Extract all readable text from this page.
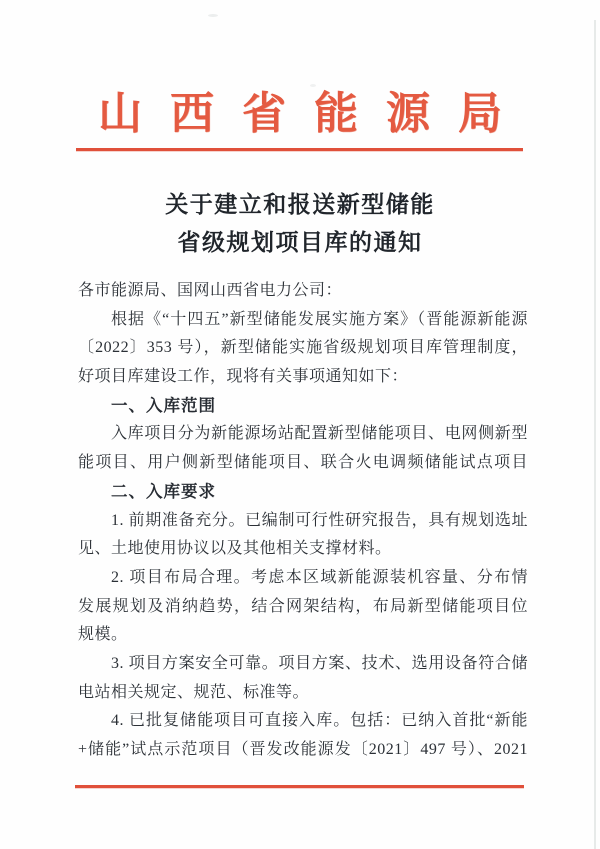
山西省能源局
关于建立和报送新型储能
省级规划项目库的通知
各市能源局、国网山西省电力公司：
根据《“十四五”新型储能发展实施方案》（晋能源新能源
〔2022〕353 号），新型储能实施省级规划项目库管理制度，
好项目库建设工作，现将有关事项通知如下：
一、入库范围
入库项目分为新能源场站配置新型储能项目、电网侧新型
能项目、用户侧新型储能项目、联合火电调频储能试点项目
二、入库要求
1. 前期准备充分。已编制可行性研究报告，具有规划选址
见、土地使用协议以及其他相关支撑材料。
2. 项目布局合理。考虑本区域新能源装机容量、分布情
发展规划及消纳趋势，结合网架结构，布局新型储能项目位
规模。
3. 项目方案安全可靠。项目方案、技术、选用设备符合储
电站相关规定、规范、标准等。
4. 已批复储能项目可直接入库。包括：已纳入首批“新能
+储能”试点示范项目（晋发改能源发〔2021〕497 号）、2021
